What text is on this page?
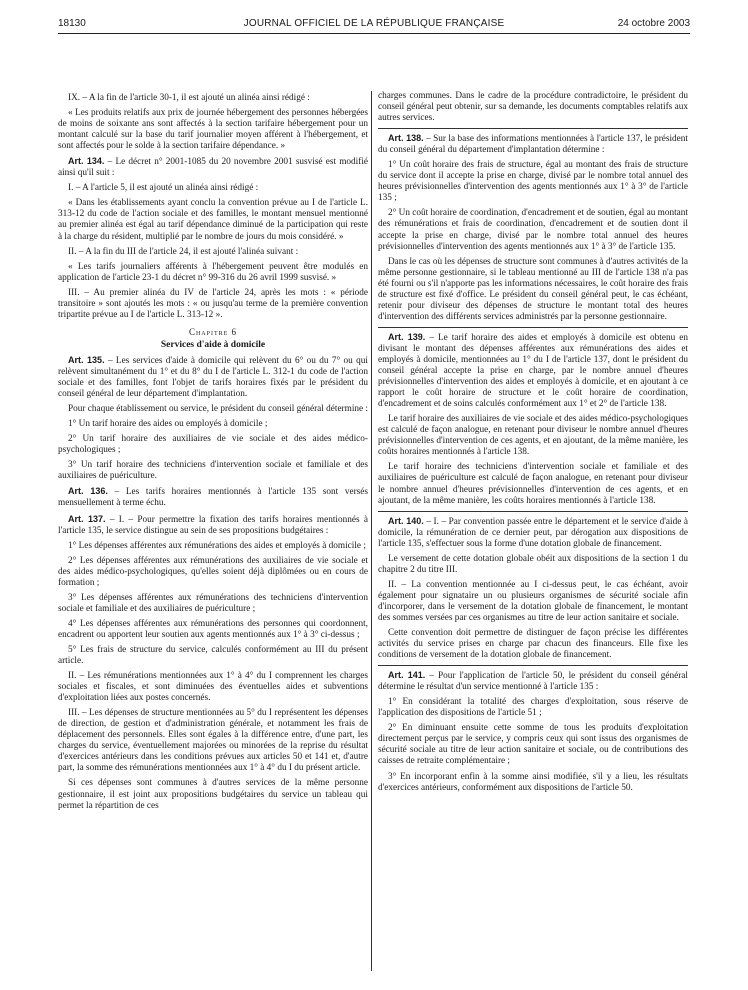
18130	JOURNAL OFFICIEL DE LA RÉPUBLIQUE FRANÇAISE	24 octobre 2003

IX. – A la fin de l'article 30-1, il est ajouté un alinéa ainsi rédigé :

« Les produits relatifs aux prix de journée hébergement des personnes hébergées de moins de soixante ans sont affectés à la section tarifaire hébergement pour un montant calculé sur la base du tarif journalier moyen afférent à l'hébergement, et sont affectés pour le solde à la section tarifaire dépendance. »

Art. 134. – Le décret n° 2001-1085 du 20 novembre 2001 susvisé est modifié ainsi qu'il suit :

I. – A l'article 5, il est ajouté un alinéa ainsi rédigé :

« Dans les établissements ayant conclu la convention prévue au I de l'article L. 313-12 du code de l'action sociale et des familles, le montant mensuel mentionné au premier alinéa est égal au tarif dépendance diminué de la participation qui reste à la charge du résident, multiplié par le nombre de jours du mois considéré. »

II. – A la fin du III de l'article 24, il est ajouté l'alinéa suivant :

« Les tarifs journaliers afférents à l'hébergement peuvent être modulés en application de l'article 23-1 du décret n° 99-316 du 26 avril 1999 susvisé. »

III. – Au premier alinéa du IV de l'article 24, après les mots : « période transitoire » sont ajoutés les mots : « ou jusqu'au terme de la première convention tripartite prévue au I de l'article L. 313-12 ».

Chapitre 6
Services d'aide à domicile

Art. 135. – Les services d'aide à domicile qui relèvent du 6° ou du 7° ou qui relèvent simultanément du 1° et du 8° du I de l'article L. 312-1 du code de l'action sociale et des familles, font l'objet de tarifs horaires fixés par le président du conseil général de leur département d'implantation.

Pour chaque établissement ou service, le président du conseil général détermine :

1° Un tarif horaire des aides ou employés à domicile ;

2° Un tarif horaire des auxiliaires de vie sociale et des aides médico-psychologiques ;

3° Un tarif horaire des techniciens d'intervention sociale et familiale et des auxiliaires de puériculture.

Art. 136. – Les tarifs horaires mentionnés à l'article 135 sont versés mensuellement à terme échu.

Art. 137. – I. – Pour permettre la fixation des tarifs horaires mentionnés à l'article 135, le service distingue au sein de ses propositions budgétaires :

1° Les dépenses afférentes aux rémunérations des aides et employés à domicile ;

2° Les dépenses afférentes aux rémunérations des auxiliaires de vie sociale et des aides médico-psychologiques, qu'elles soient déjà diplômées ou en cours de formation ;

3° Les dépenses afférentes aux rémunérations des techniciens d'intervention sociale et familiale et des auxiliaires de puériculture ;

4° Les dépenses afférentes aux rémunérations des personnes qui coordonnent, encadrent ou apportent leur soutien aux agents mentionnés aux 1° à 3° ci-dessus ;

5° Les frais de structure du service, calculés conformément au III du présent article.

II. – Les rémunérations mentionnées aux 1° à 4° du I comprennent les charges sociales et fiscales, et sont diminuées des éventuelles aides et subventions d'exploitation liées aux postes concernés.

III. – Les dépenses de structure mentionnées au 5° du I représentent les dépenses de direction, de gestion et d'administration générale, et notamment les frais de déplacement des personnels. Elles sont égales à la différence entre, d'une part, les charges du service, éventuellement majorées ou minorées de la reprise du résultat d'exercices antérieurs dans les conditions prévues aux articles 50 et 141 et, d'autre part, la somme des rémunérations mentionnées aux 1° à 4° du I du présent article.

Si ces dépenses sont communes à d'autres services de la même personne gestionnaire, il est joint aux propositions budgétaires du service un tableau qui permet la répartition de ces

charges communes. Dans le cadre de la procédure contradictoire, le président du conseil général peut obtenir, sur sa demande, les documents comptables relatifs aux autres services.

Art. 138. – Sur la base des informations mentionnées à l'article 137, le président du conseil général du département d'implantation détermine :

1° Un coût horaire des frais de structure, égal au montant des frais de structure du service dont il accepte la prise en charge, divisé par le nombre total annuel des heures prévisionnelles d'intervention des agents mentionnés aux 1° à 3° de l'article 135 ;

2° Un coût horaire de coordination, d'encadrement et de soutien, égal au montant des rémunérations et frais de coordination, d'encadrement et de soutien dont il accepte la prise en charge, divisé par le nombre total annuel des heures prévisionnelles d'intervention des agents mentionnés aux 1° à 3° de l'article 135.

Dans le cas où les dépenses de structure sont communes à d'autres activités de la même personne gestionnaire, si le tableau mentionné au III de l'article 138 n'a pas été fourni ou s'il n'apporte pas les informations nécessaires, le coût horaire des frais de structure est fixé d'office. Le président du conseil général peut, le cas échéant, retenir pour diviseur des dépenses de structure le montant total des heures d'intervention des différents services administrés par la personne gestionnaire.

Art. 139. – Le tarif horaire des aides et employés à domicile est obtenu en divisant le montant des dépenses afférentes aux rémunérations des aides et employés à domicile, mentionnées au 1° du I de l'article 137, dont le président du conseil général accepte la prise en charge, par le nombre annuel d'heures prévisionnelles d'intervention des aides et employés à domicile, et en ajoutant à ce rapport le coût horaire de structure et le coût horaire de coordination, d'encadrement et de soins calculés conformément aux 1° et 2° de l'article 138.

Le tarif horaire des auxiliaires de vie sociale et des aides médico-psychologiques est calculé de façon analogue, en retenant pour diviseur le nombre annuel d'heures prévisionnelles d'intervention de ces agents, et en ajoutant, de la même manière, les coûts horaires mentionnés à l'article 138.

Le tarif horaire des techniciens d'intervention sociale et familiale et des auxiliaires de puériculture est calculé de façon analogue, en retenant pour diviseur le nombre annuel d'heures prévisionnelles d'intervention de ces agents, et en ajoutant, de la même manière, les coûts horaires mentionnés à l'article 138.

Art. 140. – I. – Par convention passée entre le département et le service d'aide à domicile, la rémunération de ce dernier peut, par dérogation aux dispositions de l'article 135, s'effectuer sous la forme d'une dotation globale de financement.

Le versement de cette dotation globale obéit aux dispositions de la section 1 du chapitre 2 du titre III.

II. – La convention mentionnée au I ci-dessus peut, le cas échéant, avoir également pour signataire un ou plusieurs organismes de sécurité sociale afin d'incorporer, dans le versement de la dotation globale de financement, le montant des sommes versées par ces organismes au titre de leur action sanitaire et sociale.

Cette convention doit permettre de distinguer de façon précise les différentes activités du service prises en charge par chacun des financeurs. Elle fixe les conditions de versement de la dotation globale de financement.

Art. 141. – Pour l'application de l'article 50, le président du conseil général détermine le résultat d'un service mentionné à l'article 135 :

1° En considérant la totalité des charges d'exploitation, sous réserve de l'application des dispositions de l'article 51 ;

2° En diminuant ensuite cette somme de tous les produits d'exploitation directement perçus par le service, y compris ceux qui sont issus des organismes de sécurité sociale au titre de leur action sanitaire et sociale, ou de contributions des caisses de retraite complémentaire ;

3° En incorporant enfin à la somme ainsi modifiée, s'il y a lieu, les résultats d'exercices antérieurs, conformément aux dispositions de l'article 50.
